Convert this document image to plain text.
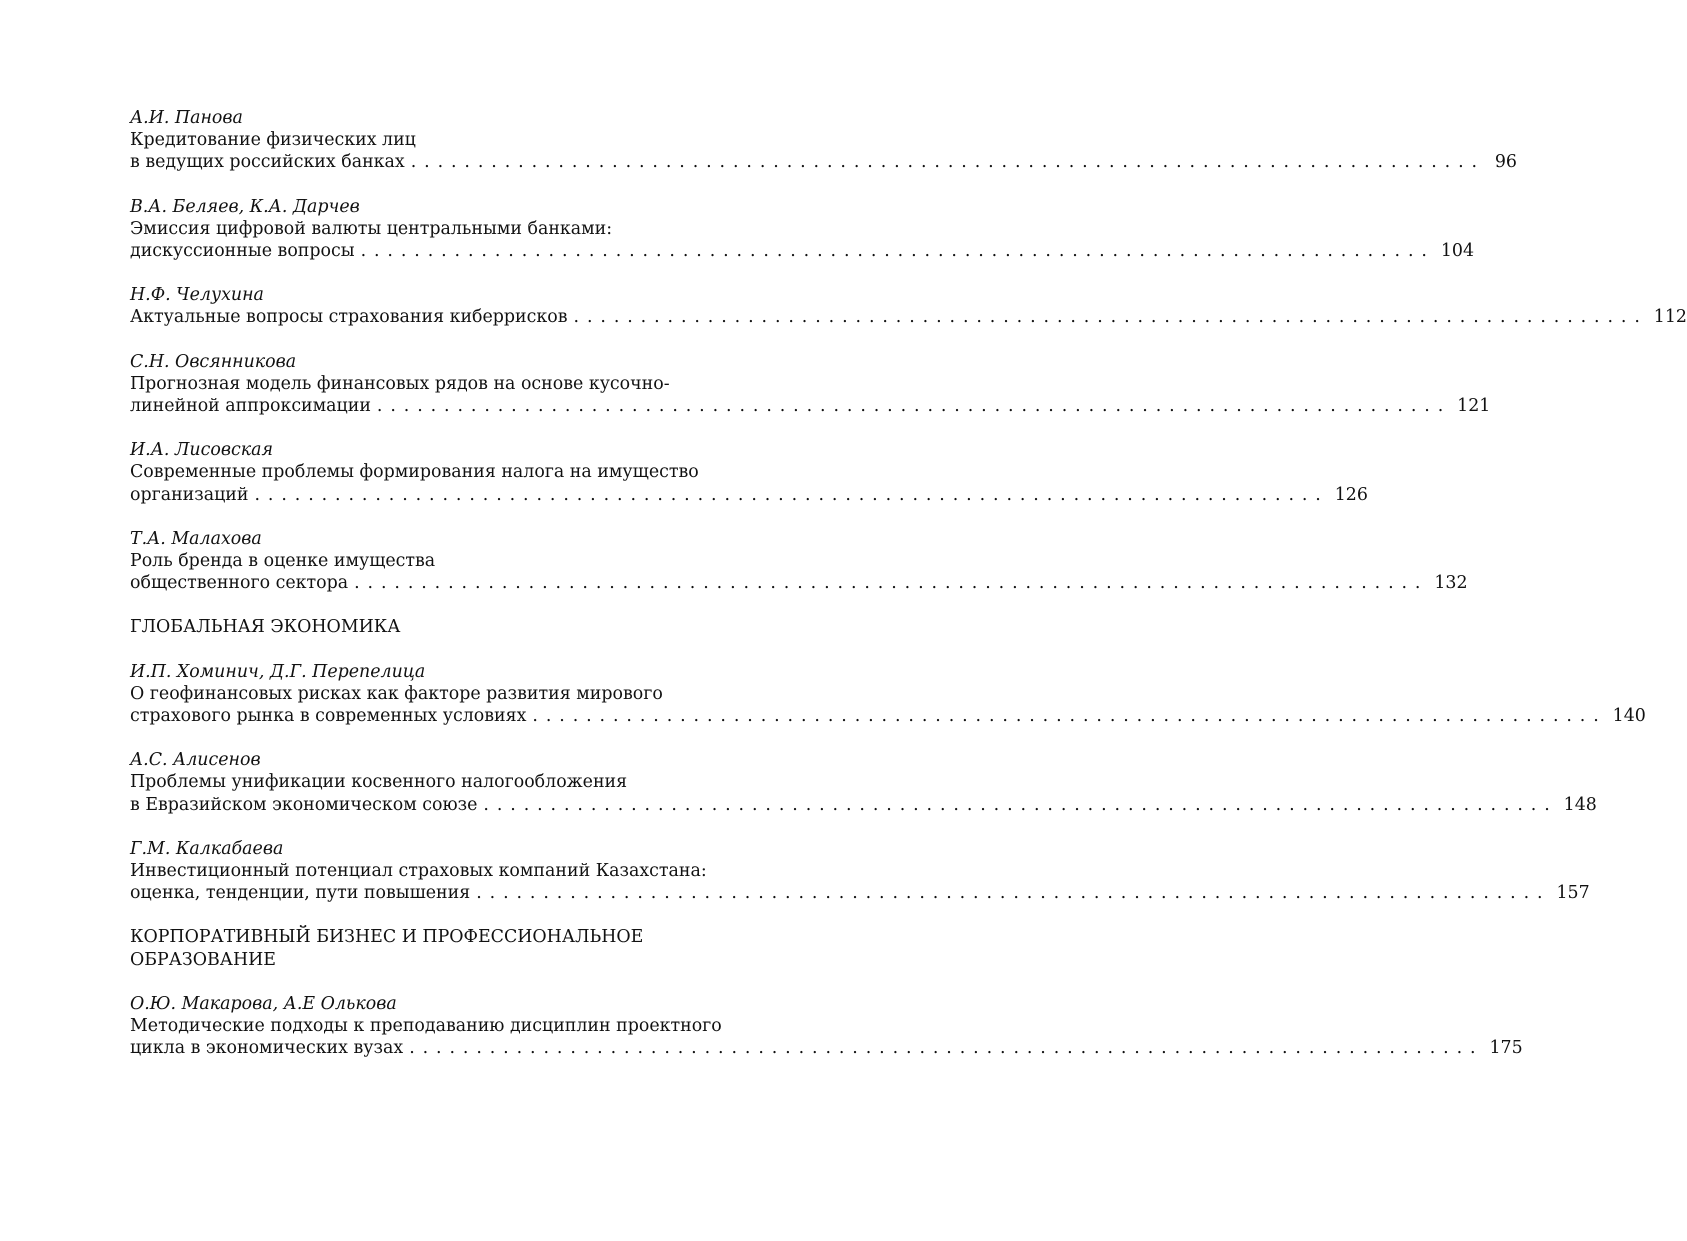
А.И. Панова
Кредитование физических лиц
в ведущих российских банках ................................................................................ 96
В.А. Беляев, К.А. Дарчев
Эмиссия цифровой валюты центральными банками:
дискуссионные вопросы ................................................................................ 104
Н.Ф. Челухина
Актуальные вопросы страхования киберрисков ................................................................................ 112
С.Н. Овсянникова
Прогнозная модель финансовых рядов на основе кусочно-
линейной аппроксимации ................................................................................ 121
И.А. Лисовская
Современные проблемы формирования налога на имущество
организаций ................................................................................ 126
Т.А. Малахова
Роль бренда в оценке имущества
общественного сектора ................................................................................ 132
ГЛОБАЛЬНАЯ ЭКОНОМИКА
И.П. Хоминич, Д.Г. Перепелица
О геофинансовых рисках как факторе развития мирового
страхового рынка в современных условиях ................................................................................ 140
А.С. Алисенов
Проблемы унификации косвенного налогообложения
в Евразийском экономическом союзе ................................................................................ 148
Г.М. Калкабаева
Инвестиционный потенциал страховых компаний Казахстана:
оценка, тенденции, пути повышения ................................................................................ 157
КОРПОРАТИВНЫЙ БИЗНЕС И ПРОФЕССИОНАЛЬНОЕ
ОБРАЗОВАНИЕ
О.Ю. Макарова, А.Е Олькова
Методические подходы к преподаванию дисциплин проектного
цикла в экономических вузах ................................................................................ 175
